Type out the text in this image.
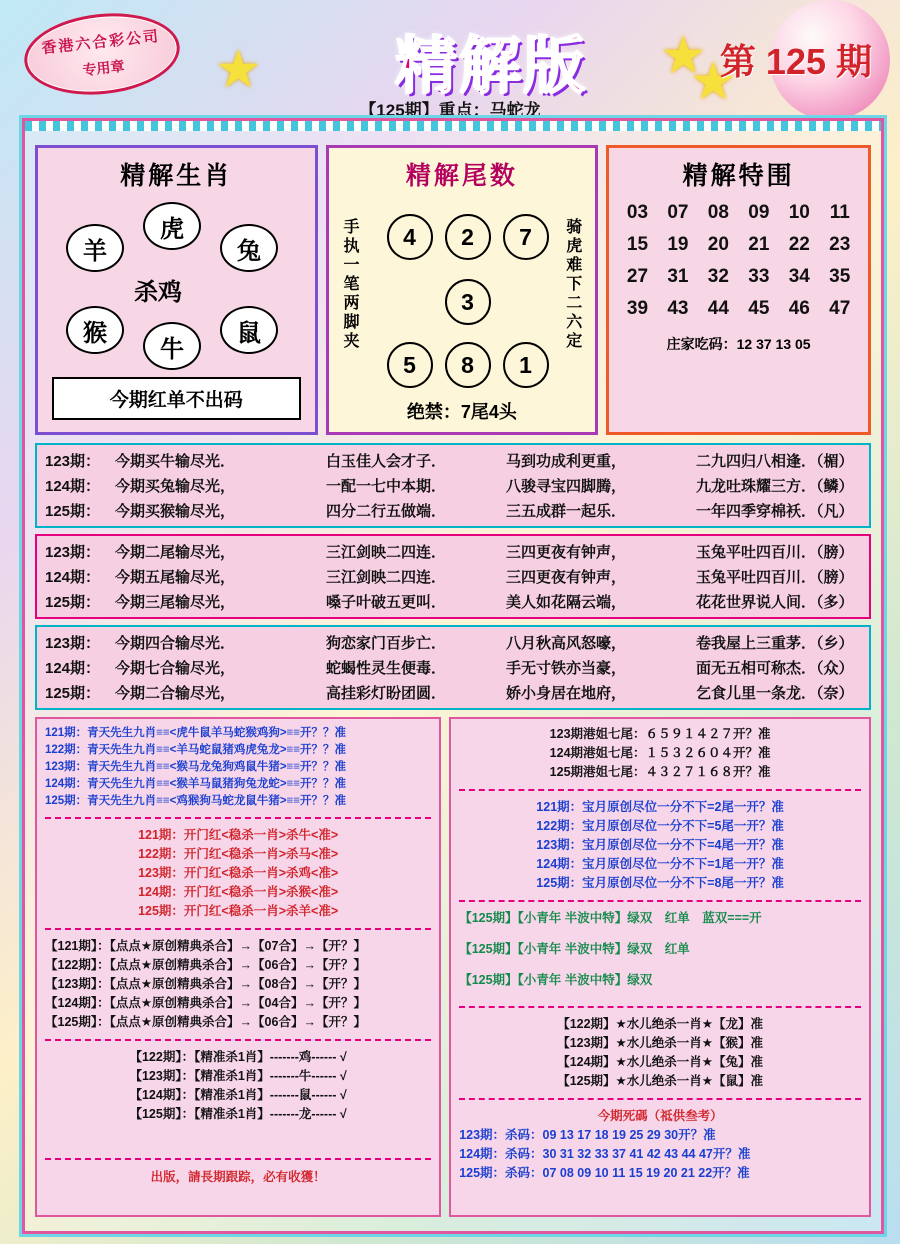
香港六合彩公司
专用章 ★	★
★
精解版	第 125 期
【125期】重点：马蛇龙
精解生肖
羊
虎
兔
杀鸡
猴
牛
鼠
今期红单不出码
精解尾数
手执一笔两脚夹
骑虎难下二六定
4	2	7
3
5	8	1
绝禁：7尾4头
精解特围
03	07	08	09	10	11
15	19	20	21	22	23
27	31	32	33	34	35
39	43	44	45	46	47
庄家吃码：12 37 13 05
123期： 今期买牛输尽光．	白玉佳人会才子．	马到功成利更重，	二九四归八相逢．（楣）
124期： 今期买兔输尽光，	一配一七中本期．	八骏寻宝四脚腾，	九龙吐珠耀三方．（鳞）
125期： 今期买猴输尽光，	四分二行五做端．	三五成群一起乐．	一年四季穿棉袄．（凡）
123期： 今期二尾输尽光，	三江剑映二四连．	三四更夜有钟声，	玉兔平吐四百川．（膀）
124期： 今期五尾输尽光，	三江剑映二四连．	三四更夜有钟声，	玉兔平吐四百川．（膀）
125期： 今期三尾输尽光，	嗓子叶破五更叫．	美人如花隔云端，	花花世界说人间．（多）
123期： 今期四合输尽光．	狗恋家门百步亡．	八月秋高风怒嚎，	卷我屋上三重茅．（乡）
124期： 今期七合输尽光，	蛇蝎性灵生便毒．	手无寸铁亦当豪，	面无五相可称杰．（众）
125期： 今期二合输尽光，	高挂彩灯盼团圆．	娇小身居在地府，	乞食儿里一条龙．（奈）
121期：青天先生九肖≡≡<虎牛鼠羊马蛇猴鸡狗>≡≡开？？准
122期：青天先生九肖≡≡<羊马蛇鼠猪鸡虎兔龙>≡≡开？？准
123期：青天先生九肖≡≡<猴马龙兔狗鸡鼠牛猪>≡≡开？？准
124期：青天先生九肖≡≡<猴羊马鼠猪狗兔龙蛇>≡≡开？？准
125期：青天先生九肖≡≡<鸡猴狗马蛇龙鼠牛猪>≡≡开？？准
121期：开门红<稳杀一肖>杀牛<准>
122期：开门红<稳杀一肖>杀马<准>
123期：开门红<稳杀一肖>杀鸡<准>
124期：开门红<稳杀一肖>杀猴<准>
125期：开门红<稳杀一肖>杀羊<准>
【121期】：【点点★原创精典杀合】→【07合】→【开？】
【122期】：【点点★原创精典杀合】→【06合】→【开？】
【123期】：【点点★原创精典杀合】→【08合】→【开？】
【124期】：【点点★原创精典杀合】→【04合】→【开？】
【125期】：【点点★原创精典杀合】→【06合】→【开？】
【122期】：【精准杀1肖】-------鸡------ √
【123期】：【精准杀1肖】-------牛------ √
【124期】：【精准杀1肖】-------鼠------ √
【125期】：【精准杀1肖】-------龙------ √
出版，請長期跟踪，必有收獲！
123期港姐七尾：６５９１４２７开？准
124期港姐七尾：１５３２６０４开？准
125期港姐七尾：４３２７１６８开？准
121期：宝月原创尽位一分不下=2尾一开？准
122期：宝月原创尽位一分不下=5尾一开？准
123期：宝月原创尽位一分不下=4尾一开？准
124期：宝月原创尽位一分不下=1尾一开？准
125期：宝月原创尽位一分不下=8尾一开？准
【125期】【小青年 半波中特】绿双　红单　蓝双===开
【125期】【小青年 半波中特】绿双　红单
【125期】【小青年 半波中特】绿双
【122期】★水儿绝杀一肖★【龙】准
【123期】★水儿绝杀一肖★【猴】准
【124期】★水儿绝杀一肖★【兔】准
【125期】★水儿绝杀一肖★【鼠】准
今期死碼（祗供叁考）
123期：杀码：09 13 17 18 19 25 29 30开？准
124期：杀码：30 31 32 33 37 41 42 43 44 47开？准
125期：杀码：07 08 09 10 11 15 19 20 21 22开？准
